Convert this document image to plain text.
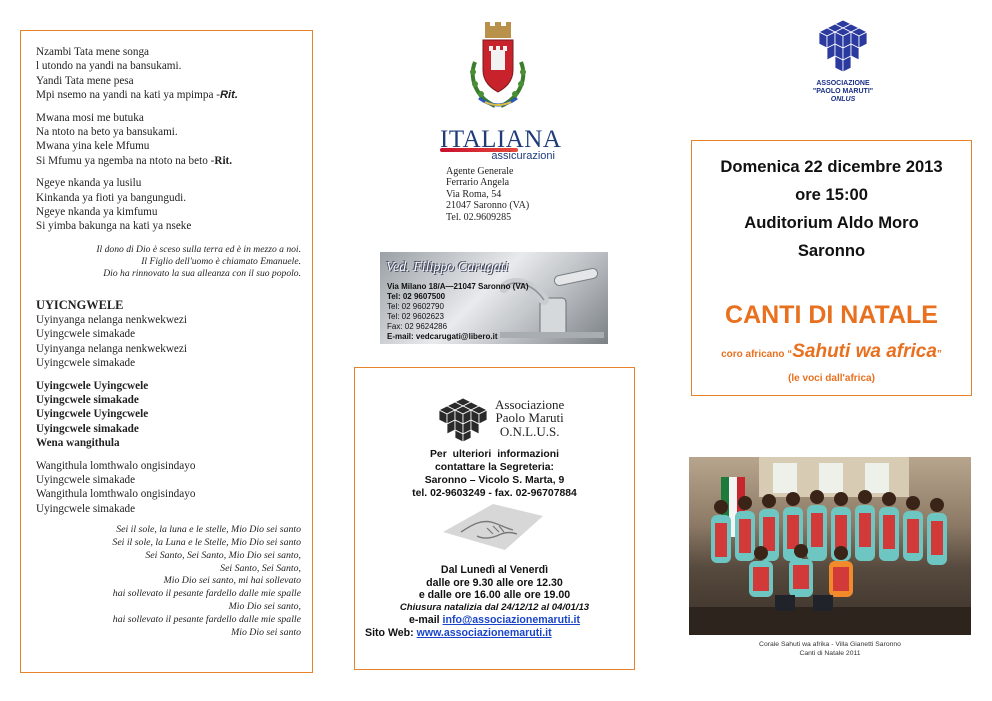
Nzambi Tata mene songa
l utondo na yandi na bansukami.
Yandi Tata mene pesa
Mpi nsemo na yandi na kati ya mpimpa -Rit.

Mwana mosi me butuka
Na ntoto na beto ya bansukami.
Mwana yina kele Mfumu
Si Mfumu ya ngemba na ntoto na beto -Rit.

Ngeye nkanda ya lusilu
Kinkanda ya fioti ya bangungudi.
Ngeye nkanda ya kimfumu
Si yimba bakunga na kati ya nseke

Il dono di Dio è sceso sulla terra ed è in mezzo a noi.
Il Figlio dell'uomo è chiamato Emanuele.
Dio ha rinnovato la sua alleanza con il suo popolo.

UYICNGWELE

Uyinyanga nelanga nenkwekwezi
Uyingcwele simakade
Uyinyanga nelanga nenkwekwezi
Uyingcwele simakade

Uyingcwele Uyingcwele
Uyingcwele simakade
Uyingcwele Uyingcwele
Uyingcwele simakade
Wena wangithula

Wangithula lomthwalo ongisindayo
Uyingcwele simakade
Wangithula lomthwalo ongisindayo
Uyingcwele simakade

Sei il sole, la luna e le stelle, Mio Dio sei santo
Sei il sole, la Luna e le Stelle, Mio Dio sei santo
Sei Santo, Sei Santo, Mio Dio sei santo,
Sei Santo, Sei Santo,
Mio Dio sei santo, mi hai sollevato
hai sollevato il pesante fardello dalle mie spalle
Mio Dio sei santo,
hai sollevato il pesante fardello dalle mie spalle
Mio Dio sei santo

ITALIANA
assicurazioni
Agente Generale
Ferrario Angela
Via Roma, 54
21047 Saronno (VA)
Tel. 02.9609285
Ved. Filippo Carugati
Via Milano 18/A—21047 Saronno (VA)
Tel: 02 9607500
Tel: 02 9602790
Tel: 02 9602623
Fax: 02 9624286
E-mail: vedcarugati@libero.it
Associazione
Paolo Maruti
O.N.L.U.S.
Per ulteriori informazioni
contattare la Segreteria:
Saronno – Vicolo S. Marta, 9
tel. 02-9603249 - fax. 02-96707884
Dal Lunedì al Venerdì
dalle ore 9.30 alle ore 12.30
e dalle ore 16.00 alle ore 19.00
Chiusura natalizia dal 24/12/12 al 04/01/13
e-mail info@associazionemaruti.it
Sito Web: www.associazionemaruti.it
ASSOCIAZIONE
"PAOLO MARUTI"
ONLUS
Domenica 22 dicembre 2013
ore 15:00
Auditorium Aldo Moro
Saronno
CANTI DI NATALE
coro africano “Sahuti wa africa”
(le voci dall'africa)
Corale Sahuti wa afrika - Villa Gianetti Saronno
Canti di Natale 2011
